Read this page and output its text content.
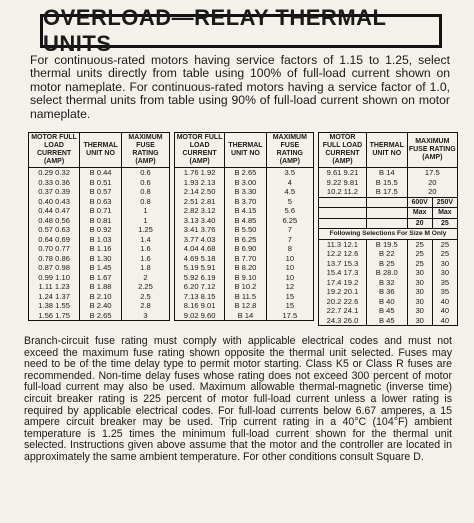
OVERLOAD—RELAY THERMAL UNITS

For continuous-rated motors having service factors of 1.15 to 1.25, select thermal units directly from table using 100% of full-load current shown on motor nameplate. For continuous-rated motors having a service factor of 1.0, select thermal units from table using 90% of full-load current shown on motor nameplate.

MOTOR FULL LOAD CURRENT (AMP)	THERMAL UNIT NO	MAXIMUM FUSE RATING (AMP)
0.29 0.32	B 0.44	0.6
0.33 0.36	B 0.51	0.6
0.37 0.39	B 0.57	0.8
0.40 0.43	B 0.63	0.8
0.44 0.47	B 0.71	1
0.48 0.56	B 0.81	1
0.57 0.63	B 0.92	1.25
0.64 0.69	B 1.03	1.4
0.70 0.77	B 1.16	1.6
0.78 0.86	B 1.30	1.6
0.87 0.98	B 1.45	1.8
0.99 1.10	B 1.67	2
1.11 1.23	B 1.88	2.25
1.24 1.37	B 2.10	2.5
1.38 1.55	B 2.40	2.8
1.56 1.75	B 2.65	3
MOTOR FULL LOAD CURRENT (AMP)	THERMAL UNIT NO	MAXIMUM FUSE RATING (AMP)
1.76 1.92	B 2.65	3.5
1.93 2.13	B 3.00	4
2.14 2.50	B 3.30	4.5
2.51 2.81	B 3.70	5
2.82 3.12	B 4.15	5.6
3.13 3.40	B 4.85	6.25
3.41 3.76	B 5.50	7
3.77 4.03	B 6.25	7
4.04 4.68	B 6.90	8
4.69 5.18	B 7.70	10
5.19 5.91	B 8.20	10
5.92 6.19	B 9.10	10
6.20 7.12	B 10.2	12
7.13 8.15	B 11.5	15
8.16 9.01	B 12.8	15
9.02 9.60	B 14	17.5
MOTOR FULL LOAD CURRENT (AMP)	THERMAL UNIT NO	MAXIMUM FUSE RATING (AMP)	
9.61 9.21	B 14	17.5	
9.22 9.81	B 15.5	20	
10.2 11.2	B 17.5	20	
		600V	250V
		Max	Max
		20	25
Following Selections For Size M Only			
11.3 12.1	B 19.5	25	25
12.2 12.6	B 22	25	25
13.7 15.3	B 25	25	30
15.4 17.3	B 28.0	30	30
17.4 19.2	B 32	30	35
19.2 20.1	B 36	30	35
20.2 22.6	B 40	30	40
22.7 24.1	B 45	30	40
24.3 26.0	B 45	30	40

Branch-circuit fuse rating must comply with applicable electrical codes and must not exceed the maximum fuse rating shown opposite the thermal unit selected. Fuses may need to be of the time delay type to permit motor starting. Class K5 or Class R fuses are recommended. Non-time delay fuses whose rating does not exceed 300 percent of motor full-load current may also be used. Maximum allowable thermal-magnetic (inverse time) circuit breaker rating is 225 percent of motor full-load current unless a lower rating is required by applicable electrical codes. For full-load currents below 6.67 amperes, a 15 ampere circuit breaker may be used. Trip current rating in a 40°C (104°F) ambient temperature is 1.25 times the minimum full-load current shown for the thermal unit selected. Instructions given above assume that the motor and the controller are located in approximately the same ambient temperature. For other conditions consult Square D.
